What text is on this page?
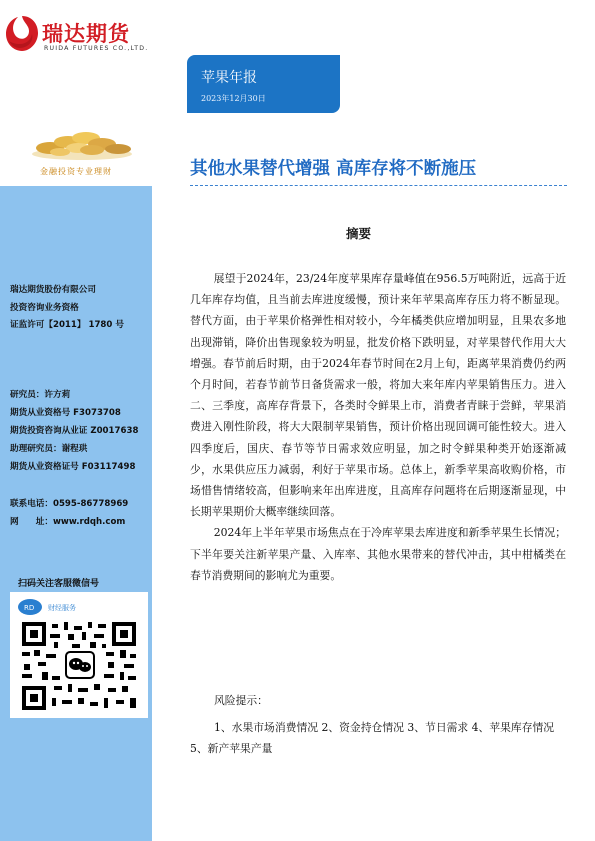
瑞达期货
RUIDA FUTURES CO.,LTD.
金融投资专业理财
瑞达期货股份有限公司
投资咨询业务资格
证监许可【2011】 1780 号
研究员：许方莉
期货从业资格号 F3073708
期货投资咨询从业证 Z0017638
助理研究员：谢程珙
期货从业资格证号 F03117498
联系电话：0595-86778969
网　　址：www.rdqh.com
扫码关注客服微信号
RD 财经服务
苹果年报
2023年12月30日
其他水果替代增强 高库存将不断施压
摘要

展望于2024年，23/24年度苹果库存量峰值在956.5万吨附近，远高于近几年库存均值，且当前去库进度缓慢，预计来年苹果高库存压力将不断显现。替代方面，由于苹果价格弹性相对较小，今年橘类供应增加明显，且果农多地出现滞销，降价出售现象较为明显，批发价格下跌明显，对苹果替代作用大大增强。春节前后时期，由于2024年春节时间在2月上旬，距离苹果消费仍约两个月时间，若春节前节日备货需求一般，将加大来年库内苹果销售压力。进入二、三季度，高库存背景下，各类时令鲜果上市，消费者青睐于尝鲜，苹果消费进入刚性阶段，将大大限制苹果销售，预计价格出现回调可能性较大。进入四季度后，国庆、春节等节日需求效应明显，加之时令鲜果种类开始逐渐减少，水果供应压力减弱，利好于苹果市场。总体上，新季苹果高收购价格，市场惜售情绪较高，但影响来年出库进度，且高库存问题将在后期逐渐显现，中长期苹果期价大概率继续回落。

2024年上半年苹果市场焦点在于冷库苹果去库进度和新季苹果生长情况；下半年要关注新苹果产量、入库率、其他水果带来的替代冲击，其中柑橘类在春节消费期间的影响尤为重要。

风险提示：
1、水果市场消费情况 2、资金持仓情况 3、节日需求 4、苹果库存情况 5、新产苹果产量
